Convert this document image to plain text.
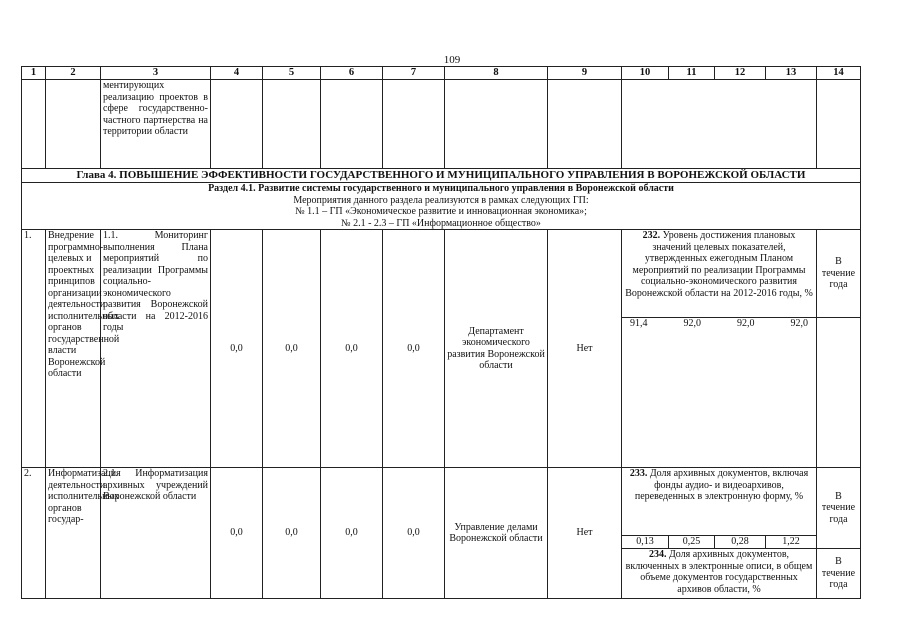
109
1	2	3	4	5	6	7	8	9	10	11	12	13	14
		ментирующих реализацию проектов в сфере государственно-частного партнерства на территории области											
Глава 4. ПОВЫШЕНИЕ ЭФФЕКТИВНОСТИ ГОСУДАРСТВЕННОГО И МУНИЦИПАЛЬНОГО УПРАВЛЕНИЯ В ВОРОНЕЖСКОЙ ОБЛАСТИ													
Раздел 4.1. Развитие системы государственного и муниципального управления в Воронежской области
Мероприятия данного раздела реализуются в рамках следующих ГП:
№ 1.1 – ГП «Экономическое развитие и инновационная экономика»;
№ 2.1 - 2.3 – ГП «Информационное общество»													

1.	Внедрение программно-целевых и проектных принципов организации деятельности исполнительных органов государственной власти Воронежской области	1.1. Мониторинг выполнения Плана мероприятий по реализации Программы социально-экономического развития Воронежской области на 2012-2016 годы	0,0	0,0	0,0	0,0	Департамент экономического развития Воронежской области	Нет	232. Уровень достижения плановых значений целевых показателей, утвержденных ежегодным Планом мероприятий по реализации Программы социально-экономического развития Воронежской области на 2012-2016 годы, %				В течение года

									91,4 92,0 92,0 92,0				

2.	Информатизация деятельности исполнительных органов государ-	2.1. Информатизация архивных учреждений Воронежской области	0,0	0,0	0,0	0,0	Управление делами Воронежской области	Нет	233. Доля архивных документов, включая фонды аудио- и видеоархивов, переведенных в электронную форму, %				В течение года
									0,13	0,25	0,28	1,22	
									234. Доля архивных документов, включенных в электронные описи, в общем объеме документов государственных архивов области, %				В течение года
